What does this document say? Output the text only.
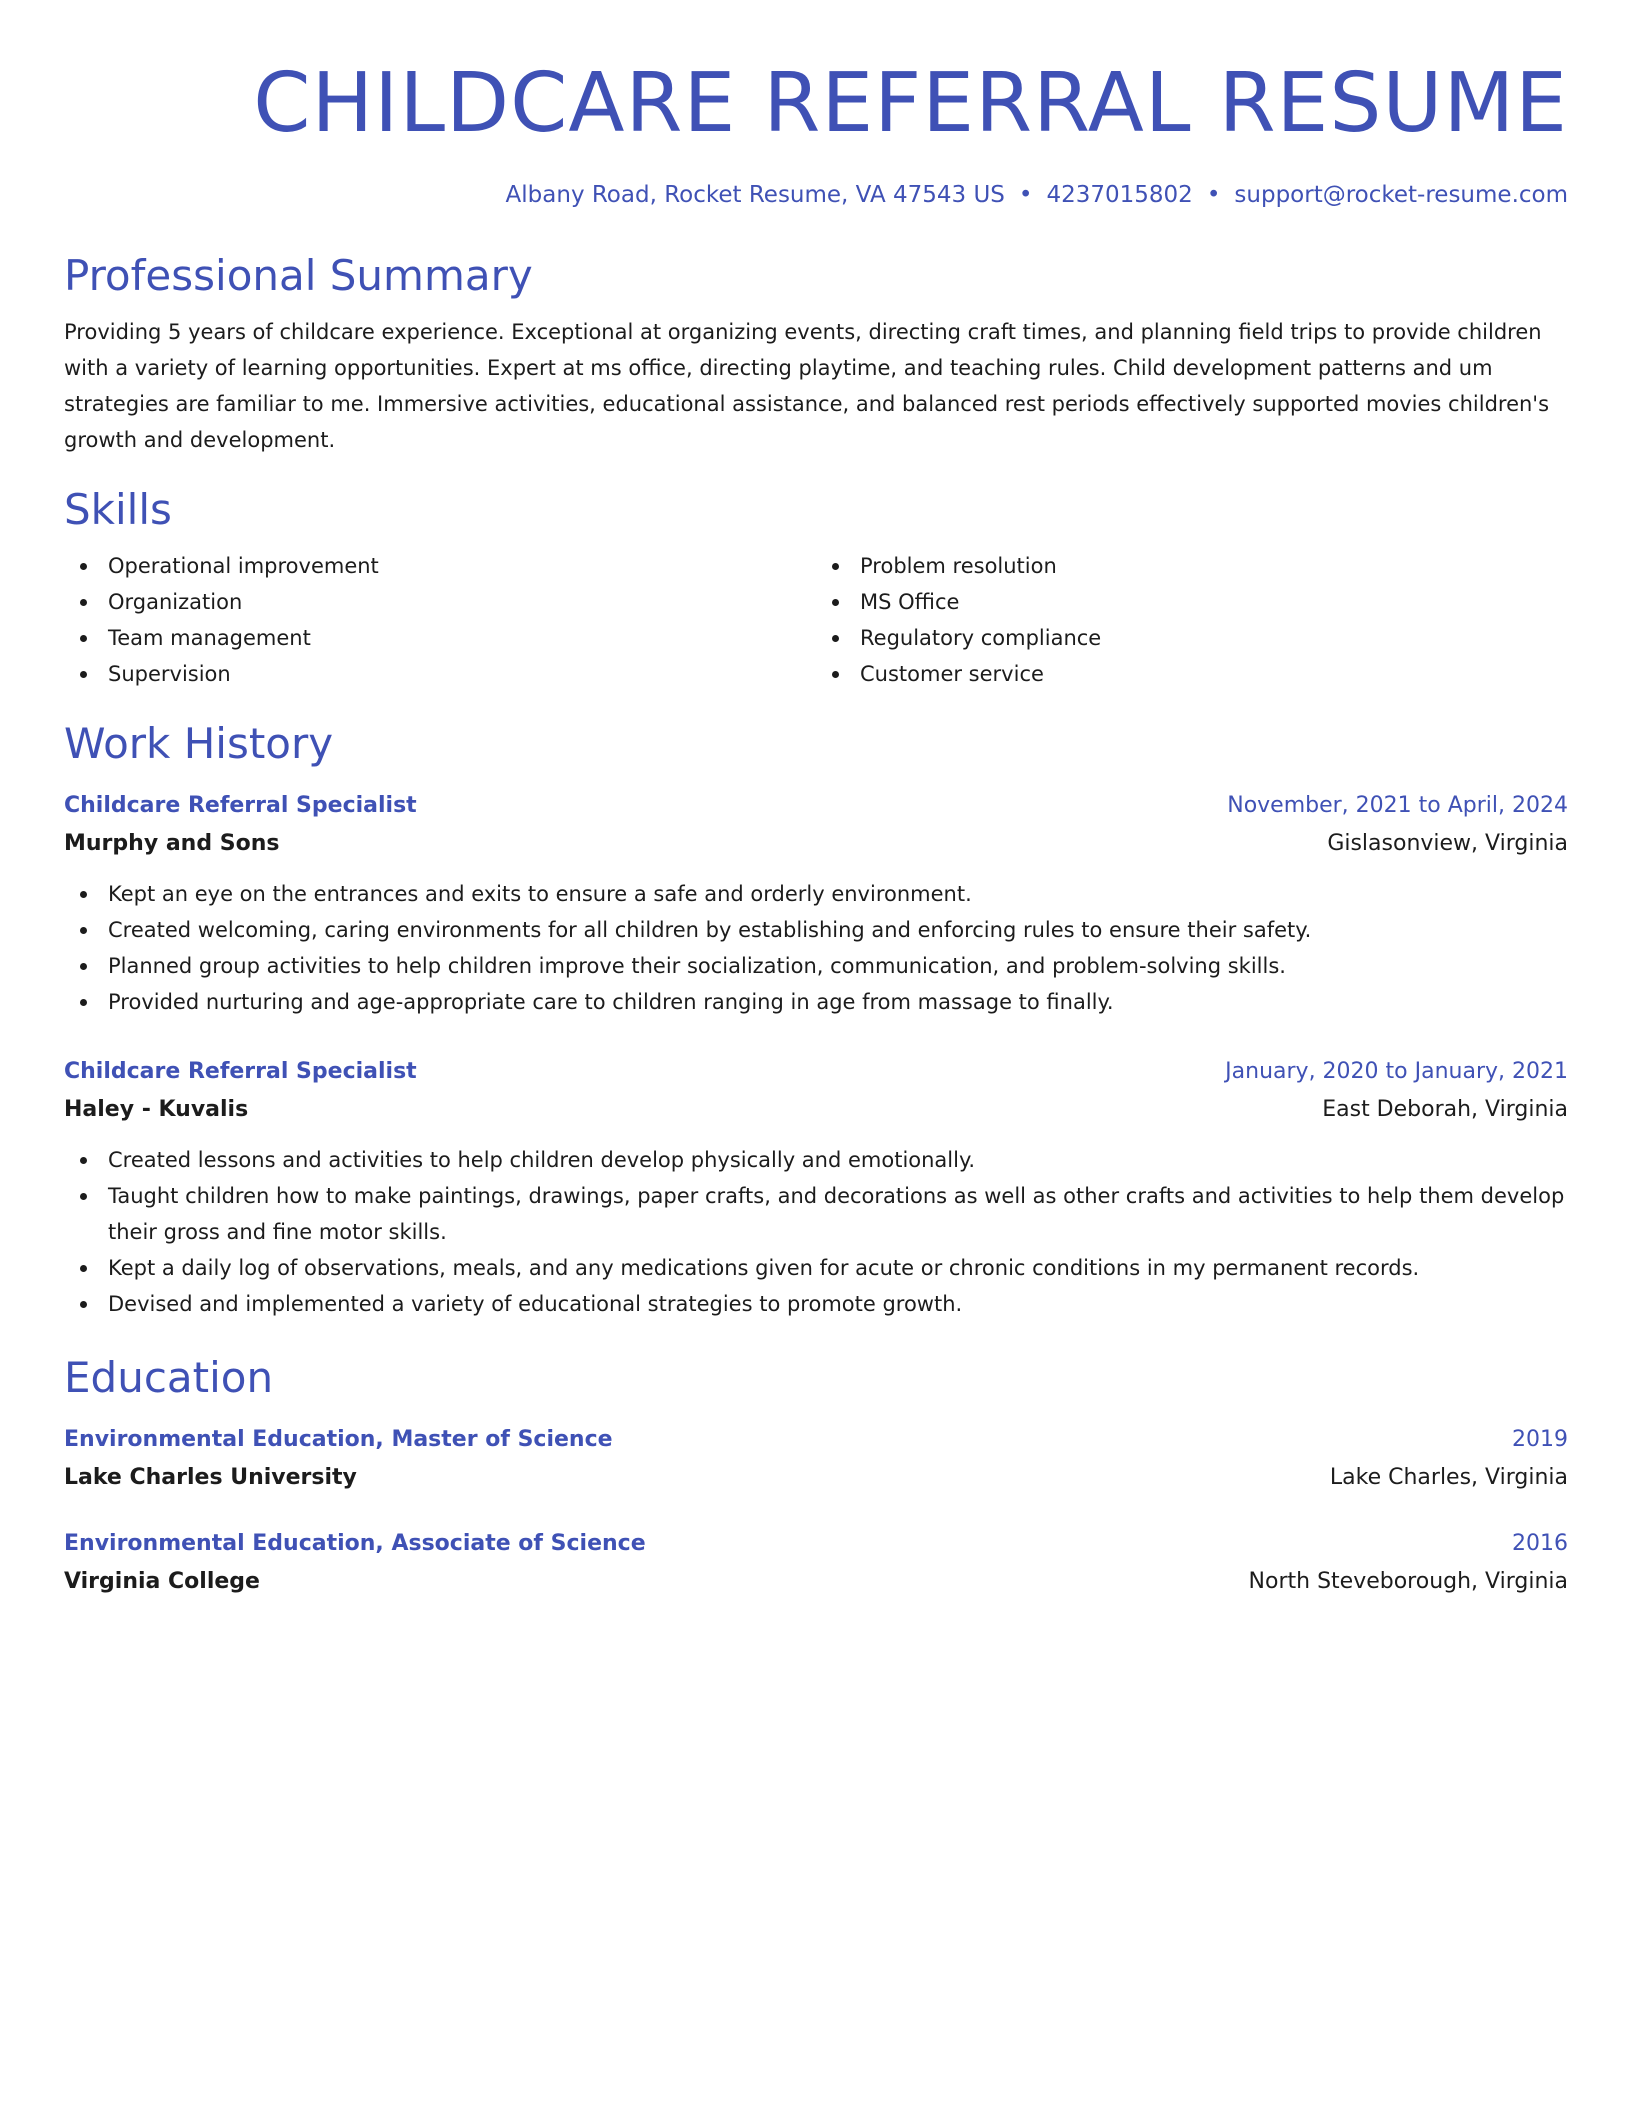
CHILDCARE REFERRAL RESUME
Albany Road, Rocket Resume, VA 47543 US • 4237015802 • support@rocket-resume.com
Professional Summary

Providing 5 years of childcare experience. Exceptional at organizing events, directing craft times, and planning field trips to provide children with a variety of learning opportunities. Expert at ms office, directing playtime, and teaching rules. Child development patterns and um strategies are familiar to me. Immersive activities, educational assistance, and balanced rest periods effectively supported movies children's growth and development.

Skills
Operational improvement
Organization
Team management
Supervision
Problem resolution
MS Office
Regulatory compliance
Customer service
Work History
Childcare Referral Specialist	November, 2021 to April, 2024
Murphy and Sons	Gislasonview, Virginia
Kept an eye on the entrances and exits to ensure a safe and orderly environment.
Created welcoming, caring environments for all children by establishing and enforcing rules to ensure their safety.
Planned group activities to help children improve their socialization, communication, and problem-solving skills.
Provided nurturing and age-appropriate care to children ranging in age from massage to finally.
Childcare Referral Specialist	January, 2020 to January, 2021
Haley - Kuvalis	East Deborah, Virginia
Created lessons and activities to help children develop physically and emotionally.
Taught children how to make paintings, drawings, paper crafts, and decorations as well as other crafts and activities to help them develop their gross and fine motor skills.
Kept a daily log of observations, meals, and any medications given for acute or chronic conditions in my permanent records.
Devised and implemented a variety of educational strategies to promote growth.
Education
Environmental Education, Master of Science	2019
Lake Charles University	Lake Charles, Virginia
Environmental Education, Associate of Science	2016
Virginia College	North Steveborough, Virginia
